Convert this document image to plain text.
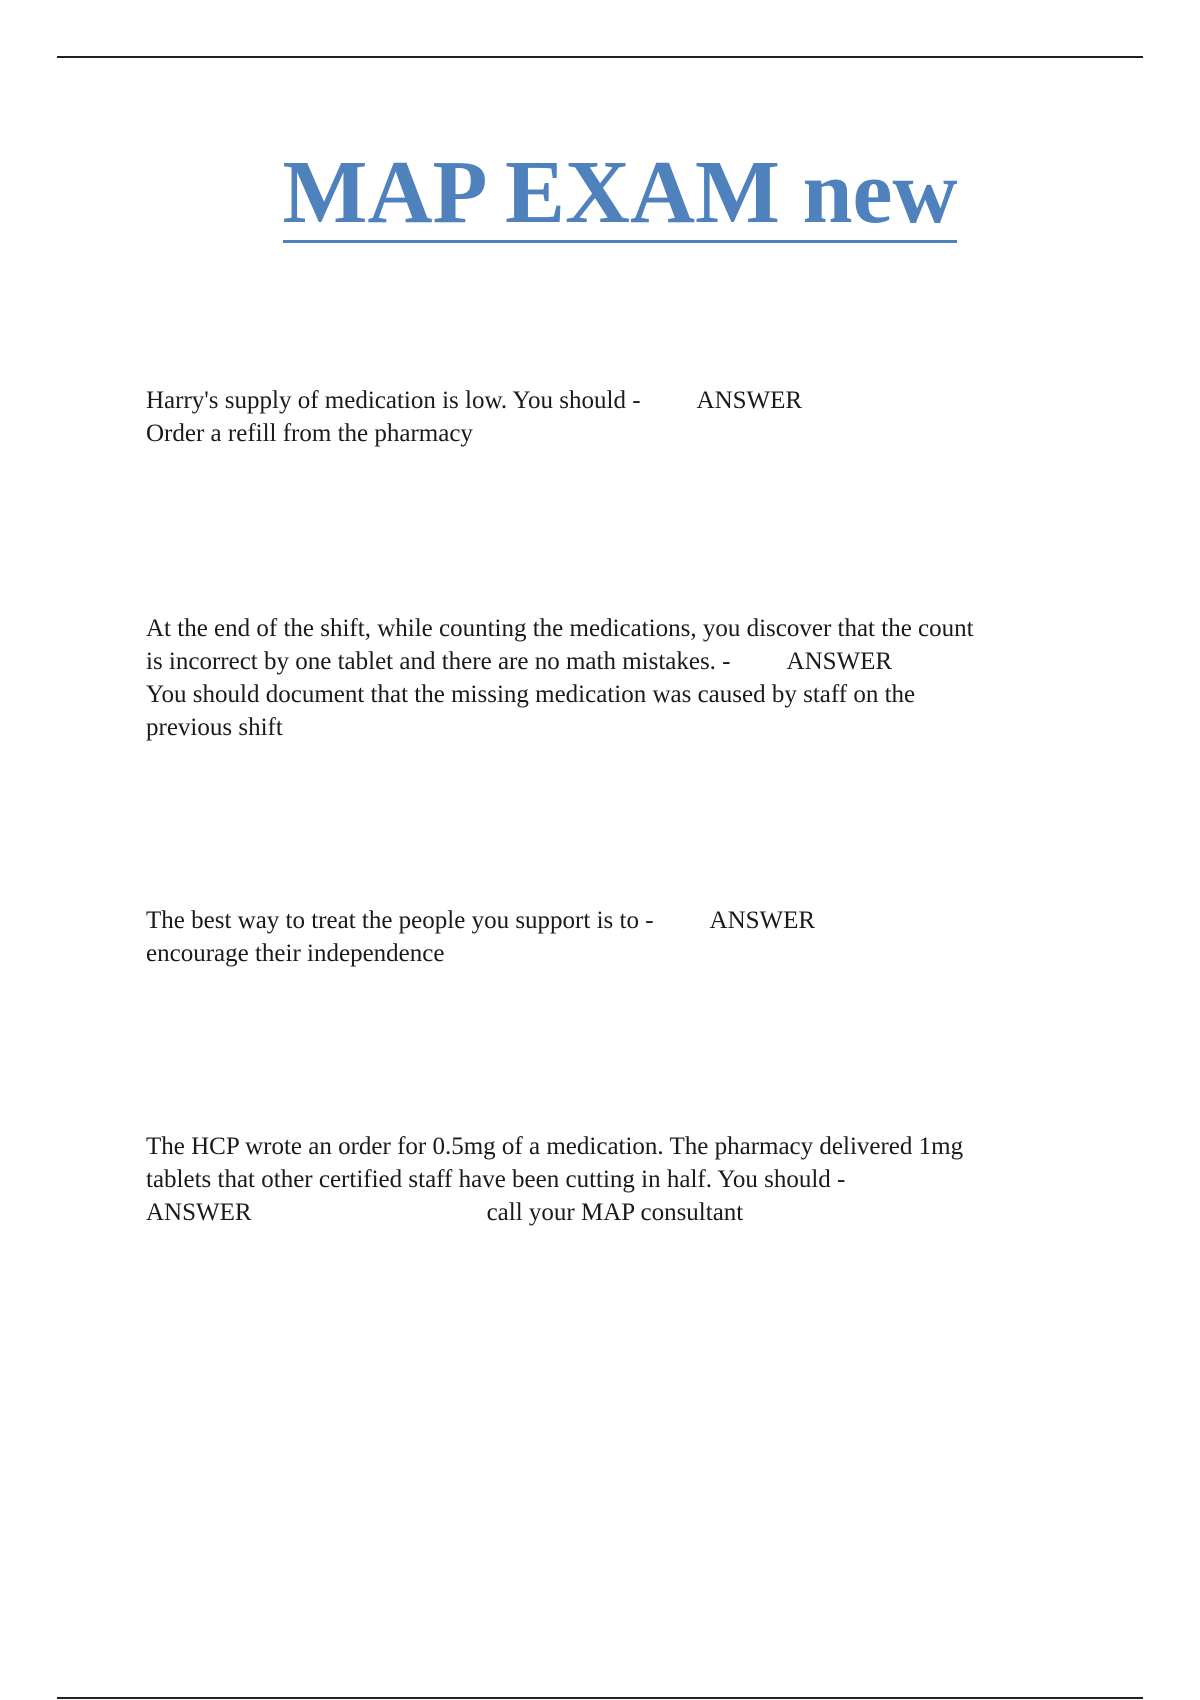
MAP EXAM new
Harry's supply of medication is low. You should - ANSWER
Order a refill from the pharmacy
At the end of the shift, while counting the medications, you discover that the count
is incorrect by one tablet and there are no math mistakes. - ANSWER
You should document that the missing medication was caused by staff on the
previous shift
The best way to treat the people you support is to - ANSWER
encourage their independence
The HCP wrote an order for 0.5mg of a medication. The pharmacy delivered 1mg
tablets that other certified staff have been cutting in half. You should -
ANSWER	call your MAP consultant
